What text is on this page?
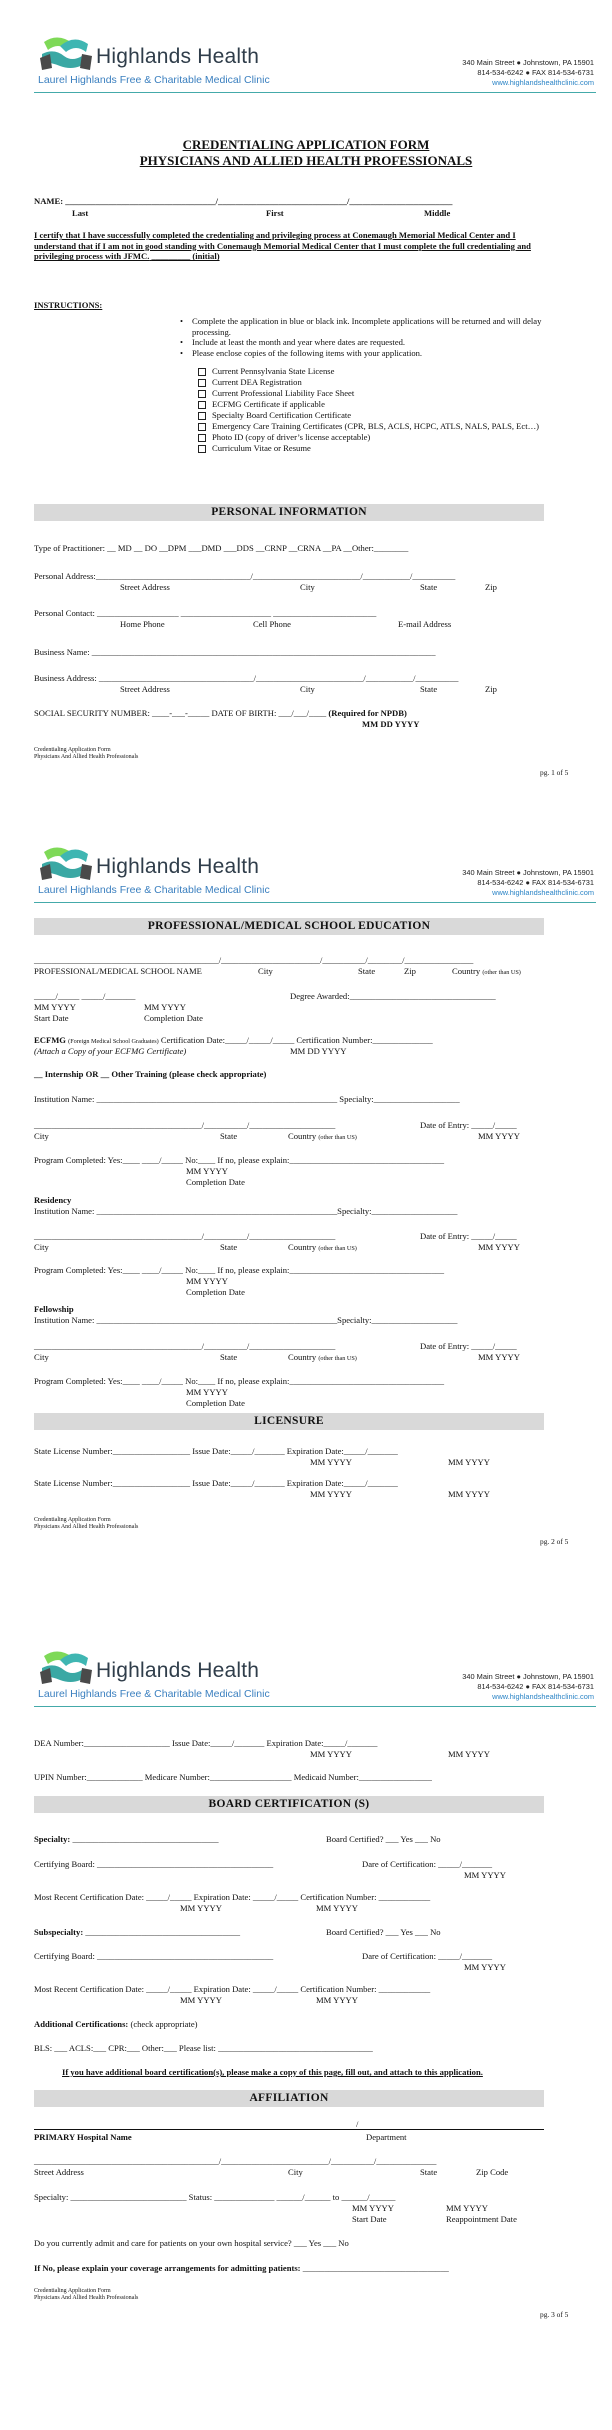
Highlands Health
Laurel Highlands Free & Charitable Medical Clinic
340 Main Street ● Johnstown, PA 15901
814-534-6242 ● FAX 814-534-6731
www.highlandshealthclinic.com
CREDENTIALING APPLICATION FORM
PHYSICIANS AND ALLIED HEALTH PROFESSIONALS
NAME: ___________________________________/______________________________/________________________
Last	First	Middle
I certify that I have successfully completed the credentialing and privileging process at Conemaugh Memorial Medical Center and I understand that if I am not in good standing with Conemaugh Memorial Medical Center that I must complete the full credentialing and privileging process with JFMC. _________ (initial)
INSTRUCTIONS:
• Complete the application in blue or black ink. Incomplete applications will be returned and will delay processing.
• Include at least the month and year where dates are requested.
• Please enclose copies of the following items with your application.
Current Pennsylvania State License
Current DEA Registration
Current Professional Liability Face Sheet
ECFMG Certificate if applicable
Specialty Board Certification Certificate
Emergency Care Training Certificates (CPR, BLS, ACLS, HCPC, ATLS, NALS, PALS, Ect…)
Photo ID (copy of driver’s license acceptable)
Curriculum Vitae or Resume
PERSONAL INFORMATION
Type of Practitioner: __ MD __ DO __DPM ___DMD ___DDS __CRNP __CRNA __PA __Other:________
Personal Address:____________________________________/_________________________/___________/__________
Street Address	City	State	Zip
Personal Contact: ___________________ _____________________ ________________________
Home Phone	Cell Phone	E-mail Address
Business Name: ________________________________________________________________________________
Business Address: ____________________________________/_________________________/___________/__________
Street Address	City	State	Zip
SOCIAL SECURITY NUMBER: ____-___-_____ DATE OF BIRTH: ___/___/____ (Required for NPDB)
MM DD YYYY
Credentialing Application Form
Physicians And Allied Health Professionals
pg. 1 of 5
Highlands Health
Laurel Highlands Free & Charitable Medical Clinic
340 Main Street ● Johnstown, PA 15901
814-534-6242 ● FAX 814-534-6731
www.highlandshealthclinic.com
PROFESSIONAL/MEDICAL SCHOOL EDUCATION
___________________________________________/_______________________/__________/________/________________
PROFESSIONAL/MEDICAL SCHOOL NAME	City	State	Zip	Country (other than US)
_____/_____ _____/_______	Degree Awarded:__________________________________
MM YYYY	MM YYYY
Start Date	Completion Date
ECFMG (Foreign Medical School Graduates) Certification Date:_____/_____/_____ Certification Number:______________
(Attach a Copy of your ECFMG Certificate)	MM DD YYYY
__ Internship OR __ Other Training (please check appropriate)
Institution Name: ________________________________________________________ Specialty:____________________
_______________________________________/__________/____________________	Date of Entry: _____/_____
City	State	Country (other than US)	MM YYYY
Program Completed: Yes:____ ____/_____ No:____ If no, please explain:____________________________________
MM YYYY
Completion Date
Residency
Institution Name: ________________________________________________________Specialty:____________________
_______________________________________/__________/____________________	Date of Entry: _____/_____
City	State	Country (other than US)	MM YYYY
Program Completed: Yes:____ ____/_____ No:____ If no, please explain:____________________________________
MM YYYY
Completion Date
Fellowship
Institution Name: ________________________________________________________Specialty:____________________
_______________________________________/__________/____________________	Date of Entry: _____/_____
City	State	Country (other than US)	MM YYYY
Program Completed: Yes:____ ____/_____ No:____ If no, please explain:____________________________________
MM YYYY
Completion Date
LICENSURE
State License Number:__________________ Issue Date:_____/_______ Expiration Date:_____/_______
MM YYYY	MM YYYY
State License Number:__________________ Issue Date:_____/_______ Expiration Date:_____/_______
MM YYYY	MM YYYY
Credentialing Application Form
Physicians And Allied Health Professionals
pg. 2 of 5
Highlands Health
Laurel Highlands Free & Charitable Medical Clinic
340 Main Street ● Johnstown, PA 15901
814-534-6242 ● FAX 814-534-6731
www.highlandshealthclinic.com
DEA Number:____________________ Issue Date:_____/_______ Expiration Date:_____/_______
MM YYYY	MM YYYY
UPIN Number:_____________ Medicare Number:___________________ Medicaid Number:_________________
BOARD CERTIFICATION (S)
Specialty: __________________________________	Board Certified? ___ Yes ___ No
Certifying Board: _________________________________________	Dare of Certification: _____/_______
MM YYYY
Most Recent Certification Date: _____/_____ Expiration Date: _____/_____ Certification Number: ____________
MM YYYY	MM YYYY
Subspecialty: ____________________________________	Board Certified? ___ Yes ___ No
Certifying Board: _________________________________________	Dare of Certification: _____/_______
MM YYYY
Most Recent Certification Date: _____/_____ Expiration Date: _____/_____ Certification Number: ____________
MM YYYY	MM YYYY
Additional Certifications: (check appropriate)
BLS: ___ ACLS:___ CPR:___ Other:___ Please list: ____________________________________
If you have additional board certification(s), please make a copy of this page, fill out, and attach to this application.
AFFILIATION
/
PRIMARY Hospital Name	Department
___________________________________________/_________________________/__________/______________
Street Address	City	State	Zip Code
Specialty: ___________________________ Status: ______________ ______/______ to ______/______
MM YYYY	MM YYYY
Start Date	Reappointment Date
Do you currently admit and care for patients on your own hospital service? ___ Yes ___ No
If No, please explain your coverage arrangements for admitting patients: __________________________________
Credentialing Application Form
Physicians And Allied Health Professionals
pg. 3 of 5
